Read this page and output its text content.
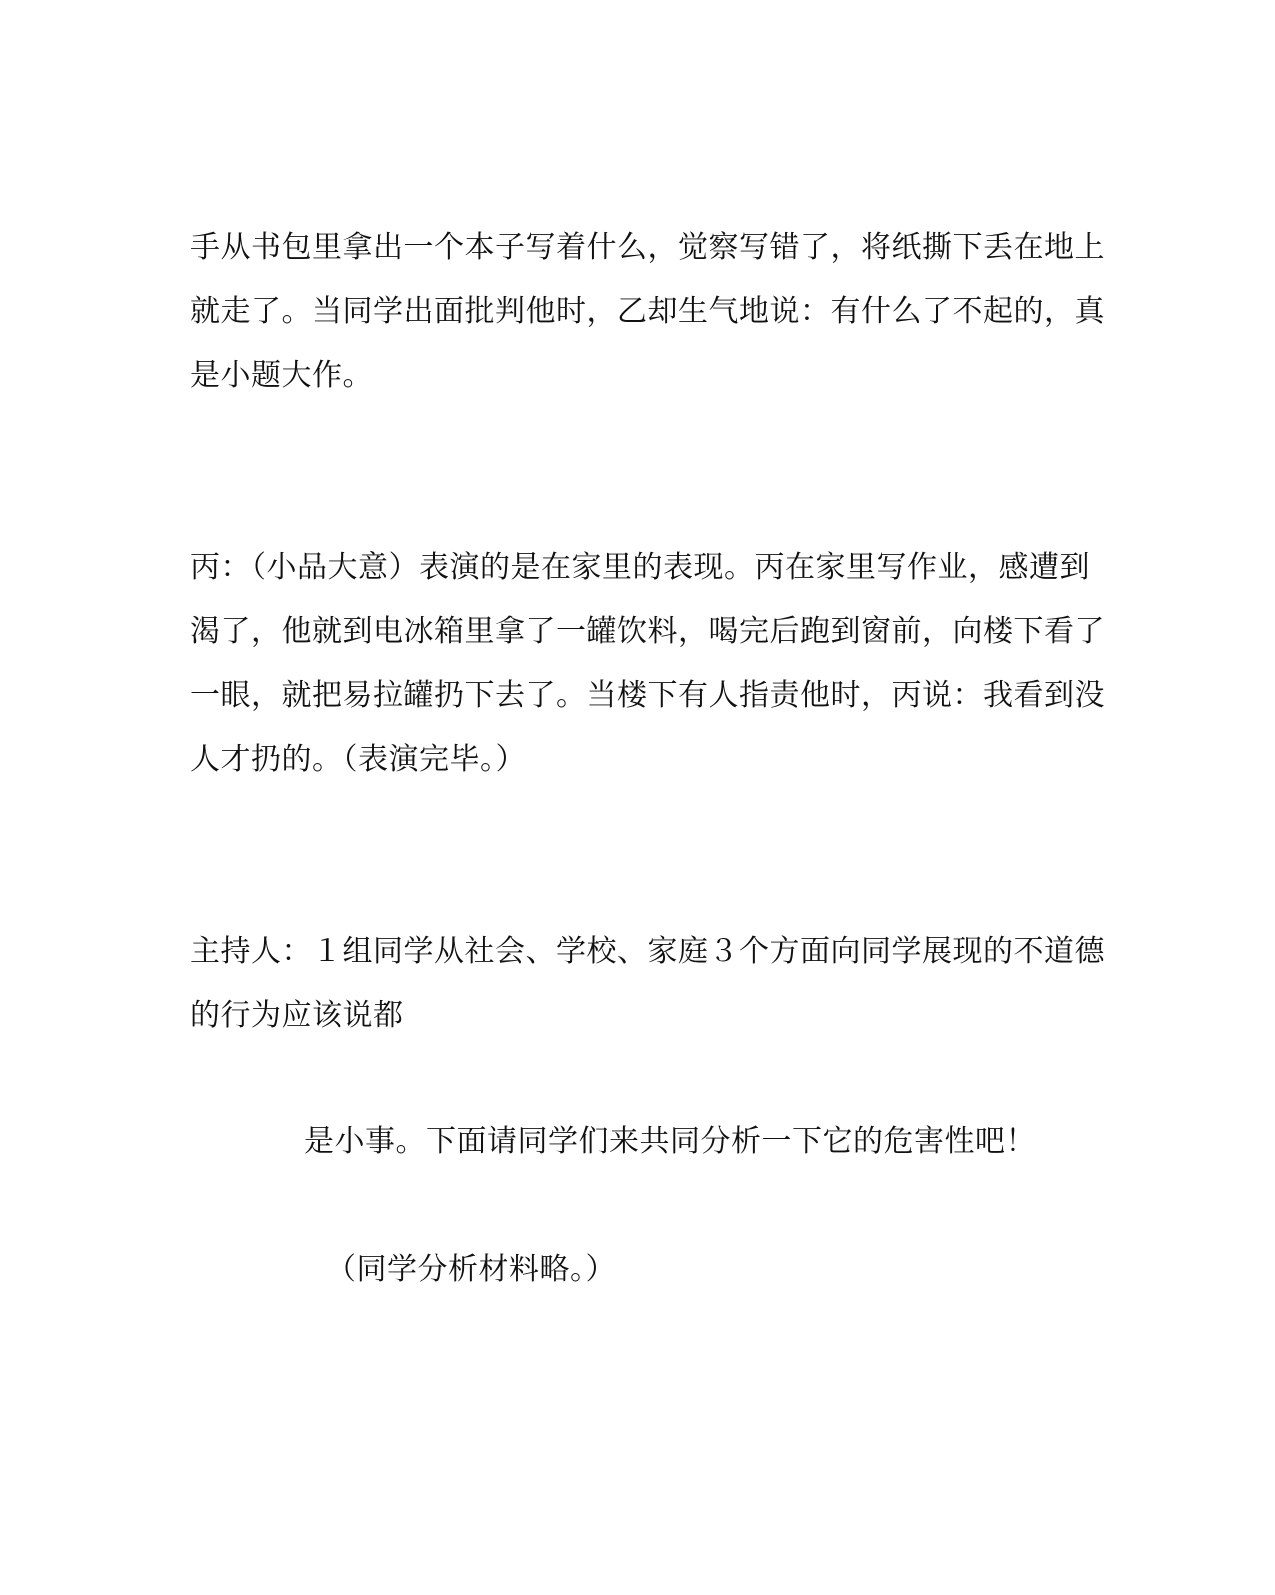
手从书包里拿出一个本子写着什么，觉察写错了，将纸撕下丢在地上
就走了。当同学出面批判他时，乙却生气地说：有什么了不起的，真
是小题大作。
丙：（小品大意）表演的是在家里的表现。丙在家里写作业，感遭到
渴了，他就到电冰箱里拿了一罐饮料，喝完后跑到窗前，向楼下看了
一眼，就把易拉罐扔下去了。当楼下有人指责他时，丙说：我看到没
人才扔的。（表演完毕。）
主持人：１组同学从社会、学校、家庭３个方面向同学展现的不道德
的行为应该说都
是小事。下面请同学们来共同分析一下它的危害性吧！
（同学分析材料略。）
